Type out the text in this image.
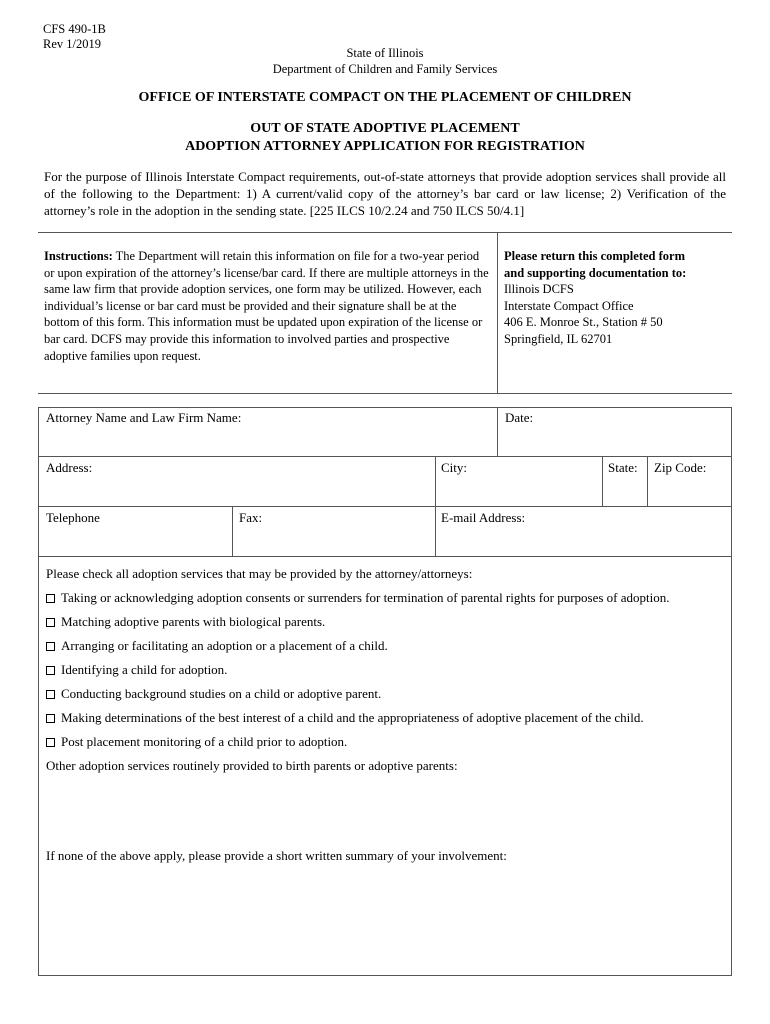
CFS 490-1B
Rev 1/2019
State of Illinois
Department of Children and Family Services
OFFICE OF INTERSTATE COMPACT ON THE PLACEMENT OF CHILDREN
OUT OF STATE ADOPTIVE PLACEMENT
ADOPTION ATTORNEY APPLICATION FOR REGISTRATION
For the purpose of Illinois Interstate Compact requirements, out-of-state attorneys that provide adoption services shall provide all of the following to the Department: 1) A current/valid copy of the attorney’s bar card or law license; 2) Verification of the attorney’s role in the adoption in the sending state. [225 ILCS 10/2.24 and 750 ILCS 50/4.1]
Instructions: The Department will retain this information on file for a two-year period or upon expiration of the attorney’s license/bar card. If there are multiple attorneys in the same law firm that provide adoption services, one form may be utilized. However, each individual’s license or bar card must be provided and their signature shall be at the bottom of this form. This information must be updated upon expiration of the license or bar card. DCFS may provide this information to involved parties and prospective adoptive families upon request.
Please return this completed form
and supporting documentation to:
Illinois DCFS
Interstate Compact Office
406 E. Monroe St., Station # 50
Springfield, IL 62701
Attorney Name and Law Firm Name:	Date:
Address:	City:	State: Zip Code:
Telephone	Fax:	E-mail Address:
Please check all adoption services that may be provided by the attorney/attorneys:
Taking or acknowledging adoption consents or surrenders for termination of parental rights for purposes of adoption.
Matching adoptive parents with biological parents.
Arranging or facilitating an adoption or a placement of a child.
Identifying a child for adoption.
Conducting background studies on a child or adoptive parent.
Making determinations of the best interest of a child and the appropriateness of adoptive placement of the child.
Post placement monitoring of a child prior to adoption.
Other adoption services routinely provided to birth parents or adoptive parents:
If none of the above apply, please provide a short written summary of your involvement:
